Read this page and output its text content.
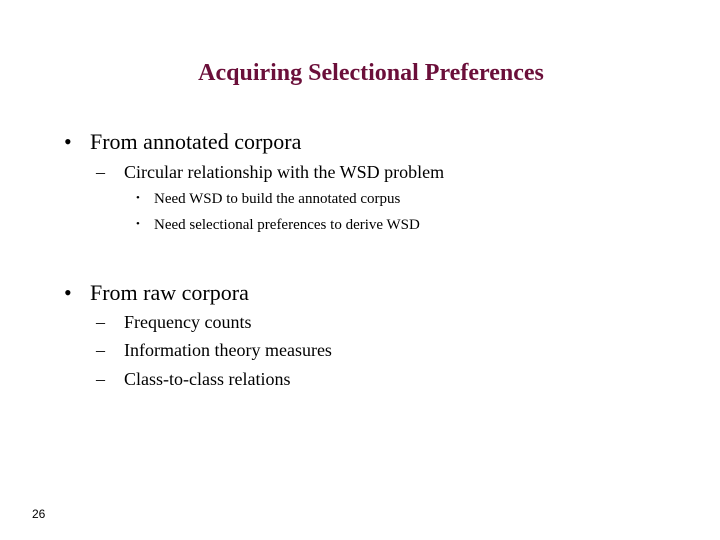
Acquiring Selectional Preferences
• From annotated corpora
– Circular relationship with the WSD problem
• Need WSD to build the annotated corpus
• Need selectional preferences to derive WSD
• From raw corpora
– Frequency counts
– Information theory measures
– Class-to-class relations
26
